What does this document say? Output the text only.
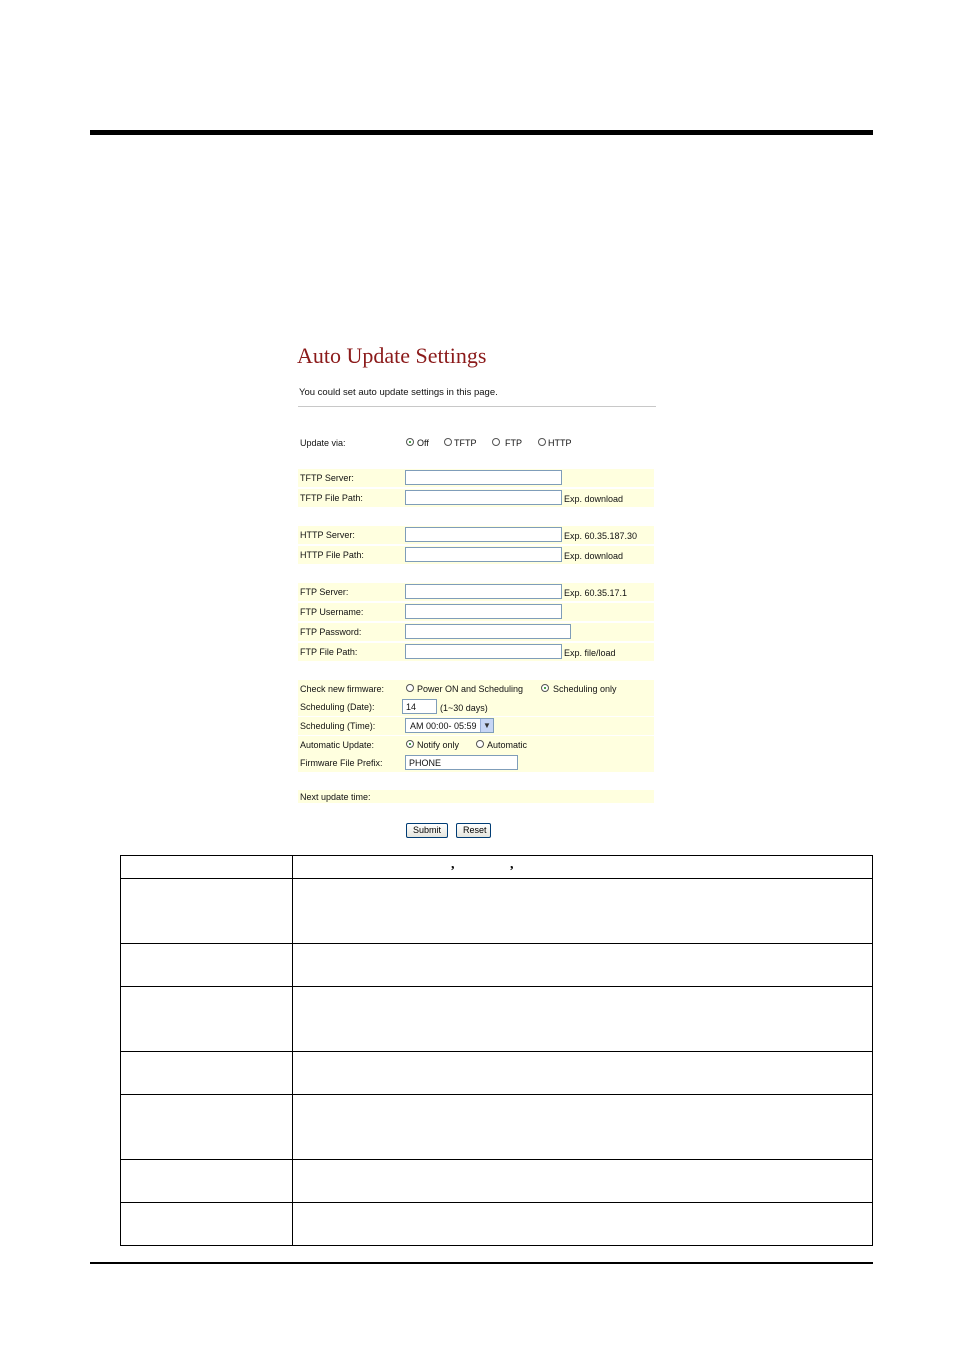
Auto Update Settings
You could set auto update settings in this page.
Update via:	Off	TFTP	FTP	HTTP
TFTP Server:
TFTP File Path:	Exp. download
HTTP Server:	Exp. 60.35.187.30
HTTP File Path:	Exp. download
FTP Server:	Exp. 60.35.17.1
FTP Username:
FTP Password:
FTP File Path:	Exp. file/load
Check new firmware:	Power ON and Scheduling	Scheduling only
Scheduling (Date):	14	(1~30 days)
Scheduling (Time):	AM 00:00- 05:59 ▼
Automatic Update:	Notify only	Automatic
Firmware File Prefix:	PHONE
Next update time:
Submit	Reset

,	,
